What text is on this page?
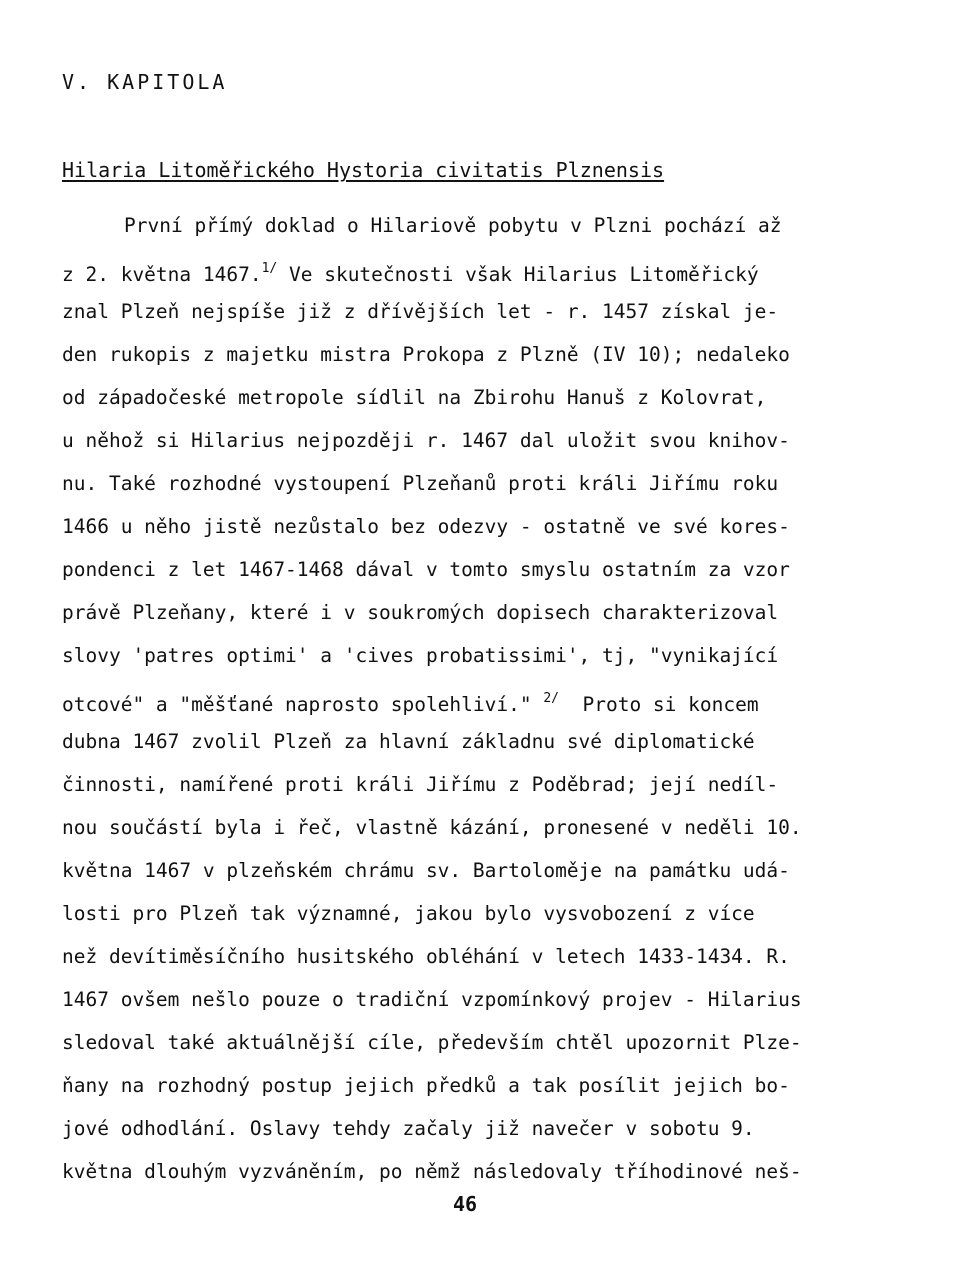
V. KAPITOLA
Hilaria Litoměřického Hystoria civitatis Plznensis
První přímý doklad o Hilariově pobytu v Plzni pochází až
z 2. května 1467.$^{1/}$ Ve skutečnosti však Hilarius Litoměřický
znal Plzeň nejspíše již z dřívějších let - r. 1457 získal je-
den rukopis z majetku mistra Prokopa z Plzně (IV 10); nedaleko
od západočeské metropole sídlil na Zbirohu Hanuš z Kolovrat,
u něhož si Hilarius nejpozději r. 1467 dal uložit svou knihov-
nu. Také rozhodné vystoupení Plzeňanů proti králi Jiřímu roku
1466 u něho jistě nezůstalo bez odezvy - ostatně ve své kores-
pondenci z let 1467-1468 dával v tomto smyslu ostatním za vzor
právě Plzeňany, které i v soukromých dopisech charakterizoval
slovy 'patres optimi' a 'cives probatissimi', tj, "vynikající
otcové" a "měšťané naprosto spolehliví." $^{2/}$  Proto si koncem
dubna 1467 zvolil Plzeň za hlavní základnu své diplomatické
činnosti, namířené proti králi Jiřímu z Poděbrad; její nedíl-
nou součástí byla i řeč, vlastně kázání, pronesené v neděli 10.
května 1467 v plzeňském chrámu sv. Bartoloměje na památku udá-
losti pro Plzeň tak významné, jakou bylo vysvobození z více
než devítiměsíčního husitského obléhání v letech 1433-1434. R.
1467 ovšem nešlo pouze o tradiční vzpomínkový projev - Hilarius
sledoval také aktuálnější cíle, především chtěl upozornit Plze-
ňany na rozhodný postup jejich předků a tak posílit jejich bo-
jové odhodlání. Oslavy tehdy začaly již navečer v sobotu 9.
května dlouhým vyzváněním, po němž následovaly tříhodinové neš-
46
